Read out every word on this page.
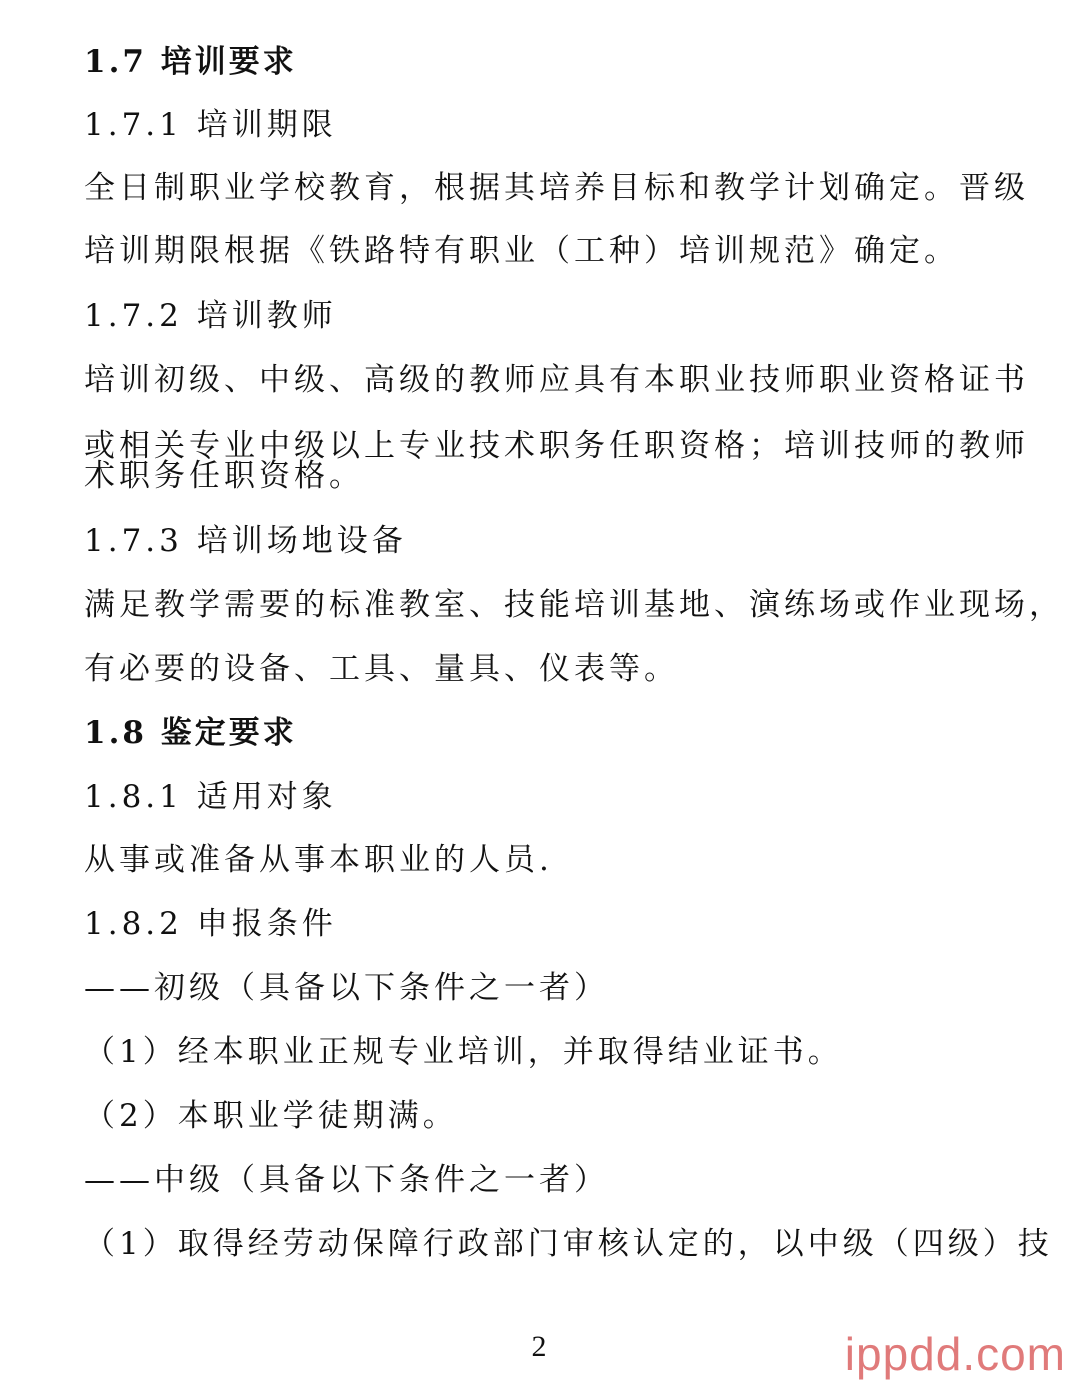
1.7 培训要求
1.7.1 培训期限
全日制职业学校教育，根据其培养目标和教学计划确定。晋级
培训期限根据《铁路特有职业（工种）培训规范》确定。
1.7.2 培训教师
培训初级、中级、高级的教师应具有本职业技师职业资格证书
或相关专业中级以上专业技术职务任职资格；培训技师的教师
术职务任职资格。
1.7.3 培训场地设备
满足教学需要的标准教室、技能培训基地、演练场或作业现场，
有必要的设备、工具、量具、仪表等。
1.8 鉴定要求
1.8.1 适用对象
从事或准备从事本职业的人员.
1.8.2 申报条件
——初级（具备以下条件之一者）
（1）经本职业正规专业培训，并取得结业证书。
（2）本职业学徒期满。
——中级（具备以下条件之一者）
（1）取得经劳动保障行政部门审核认定的，以中级（四级）技
2	ippdd.com
